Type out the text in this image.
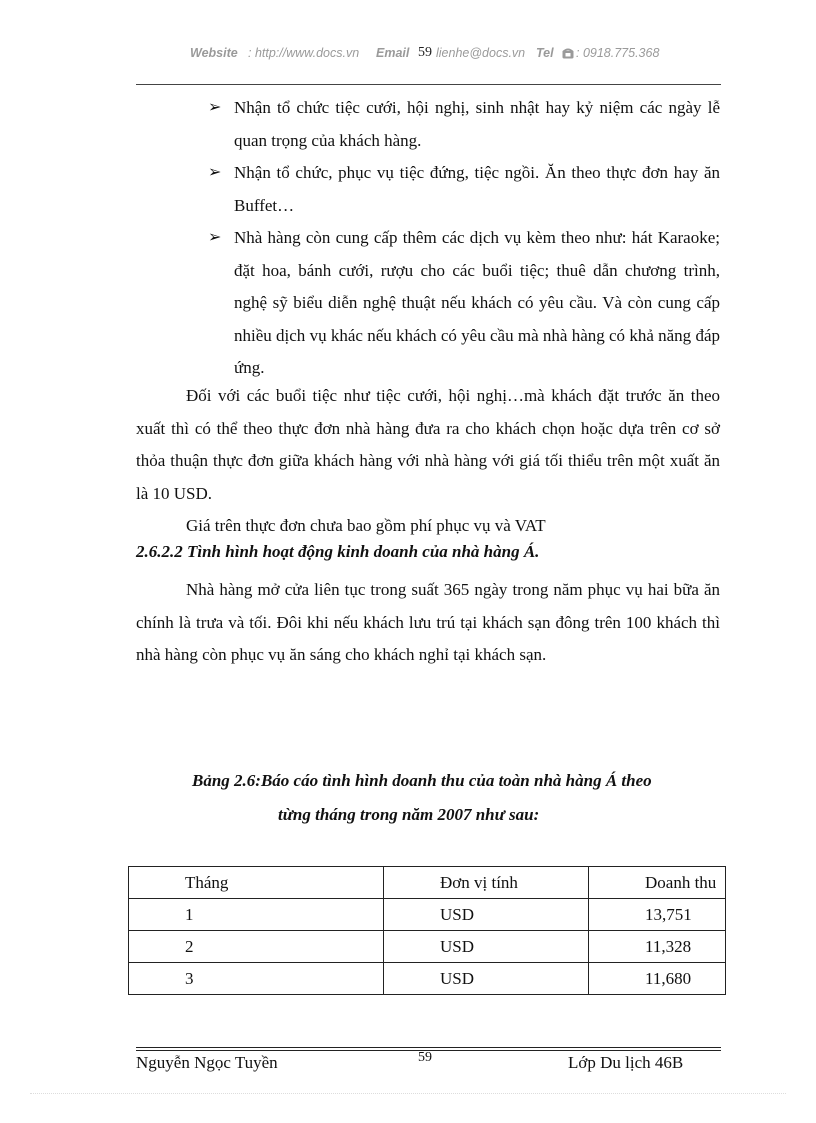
Website : http://www.docs.vn Email 59 lienhe@docs.vn Tel : 0918.775.368
➢ Nhận tổ chức tiệc cưới, hội nghị, sinh nhật hay kỷ niệm các ngày lễ quan trọng của khách hàng.
➢ Nhận tổ chức, phục vụ tiệc đứng, tiệc ngồi. Ăn theo thực đơn hay ăn Buffet…
➢ Nhà hàng còn cung cấp thêm các dịch vụ kèm theo như: hát Karaoke; đặt hoa, bánh cưới, rượu cho các buổi tiệc; thuê dẫn chương trình, nghệ sỹ biểu diễn nghệ thuật nếu khách có yêu cầu. Và còn cung cấp nhiều dịch vụ khác nếu khách có yêu cầu mà nhà hàng có khả năng đáp ứng.
Đối với các buổi tiệc như tiệc cưới, hội nghị…mà khách đặt trước ăn theo xuất thì có thể theo thực đơn nhà hàng đưa ra cho khách chọn hoặc dựa trên cơ sở thỏa thuận thực đơn giữa khách hàng với nhà hàng với giá tối thiểu trên một xuất ăn là 10 USD.
Giá trên thực đơn chưa bao gồm phí phục vụ và VAT
2.6.2.2 Tình hình hoạt động kinh doanh của nhà hàng Á.
Nhà hàng mở cửa liên tục trong suất 365 ngày trong năm phục vụ hai bữa ăn chính là trưa và tối. Đôi khi nếu khách lưu trú tại khách sạn đông trên 100 khách thì nhà hàng còn phục vụ ăn sáng cho khách nghỉ tại khách sạn.
Bảng 2.6:Báo cáo tình hình doanh thu của toàn nhà hàng Á theo
từng tháng trong năm 2007 như sau:
Tháng	Đơn vị tính	Doanh thu
1	USD	13,751
2	USD	11,328
3	USD	11,680
Nguyễn Ngọc Tuyền	59	Lớp Du lịch 46B
